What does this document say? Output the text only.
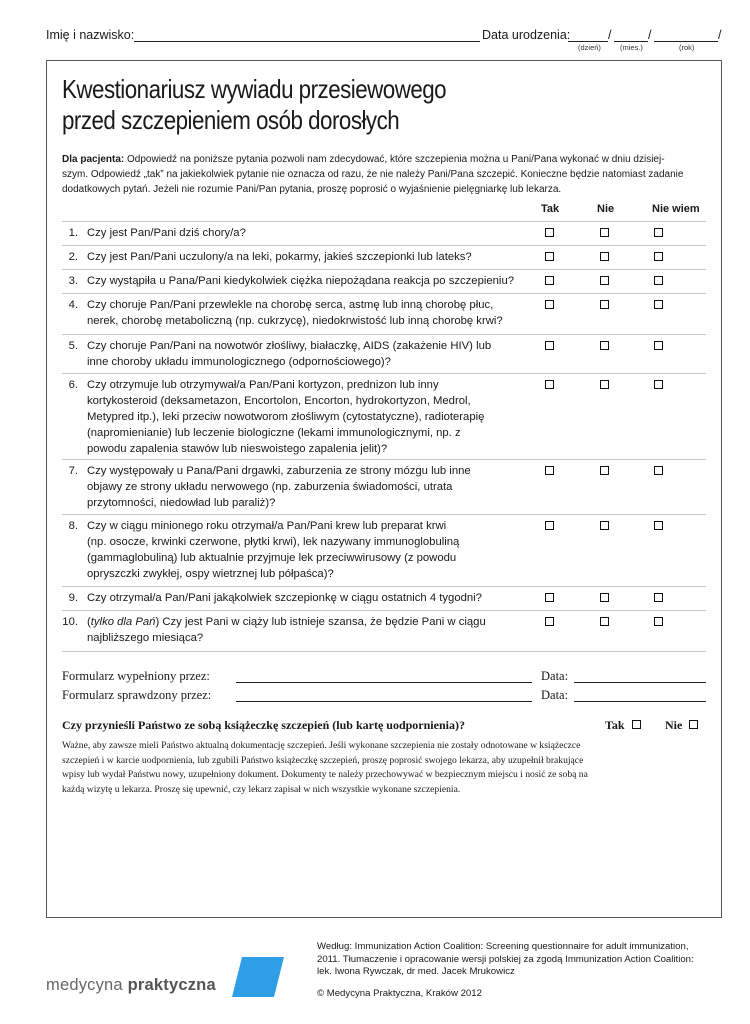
Imię i nazwisko:	Data urodzenia:	/	/	/
(dzień)	(mies.)	(rok)
Kwestionariusz wywiadu przesiewowego
przed szczepieniem osób dorosłych
Dla pacjenta: Odpowiedź na poniższe pytania pozwoli nam zdecydować, które szczepienia można u Pani/Pana wykonać w dniu dzisiej-
szym. Odpowiedź „tak” na jakiekolwiek pytanie nie oznacza od razu, że nie należy Pani/Pana szczepić. Konieczne będzie natomiast zadanie
dodatkowych pytań. Jeżeli nie rozumie Pani/Pan pytania, proszę poprosić o wyjaśnienie pielęgniarkę lub lekarza.
Tak	Nie	Nie wiem
1. Czy jest Pan/Pani dziś chory/a?
2. Czy jest Pan/Pani uczulony/a na leki, pokarmy, jakieś szczepionki lub lateks?
3. Czy wystąpiła u Pana/Pani kiedykolwiek ciężka niepożądana reakcja po szczepieniu?
4. Czy choruje Pan/Pani przewlekle na chorobę serca, astmę lub inną chorobę płuc,
nerek, chorobę metaboliczną (np. cukrzycę), niedokrwistość lub inną chorobę krwi?
5. Czy choruje Pan/Pani na nowotwór złośliwy, białaczkę, AIDS (zakażenie HIV) lub
inne choroby układu immunologicznego (odpornościowego)?
6. Czy otrzymuje lub otrzymywał/a Pan/Pani kortyzon, prednizon lub inny
kortykosteroid (deksametazon, Encortolon, Encorton, hydrokortyzon, Medrol,
Metypred itp.), leki przeciw nowotworom złośliwym (cytostatyczne), radioterapię
(napromienianie) lub leczenie biologiczne (lekami immunologicznymi, np. z
powodu zapalenia stawów lub nieswoistego zapalenia jelit)?
7. Czy występowały u Pana/Pani drgawki, zaburzenia ze strony mózgu lub inne
objawy ze strony układu nerwowego (np. zaburzenia świadomości, utrata
przytomności, niedowład lub paraliż)?
8. Czy w ciągu minionego roku otrzymał/a Pan/Pani krew lub preparat krwi
(np. osocze, krwinki czerwone, płytki krwi), lek nazywany immunoglobuliną
(gammaglobuliną) lub aktualnie przyjmuje lek przeciwwirusowy (z powodu
opryszczki zwykłej, ospy wietrznej lub półpaśca)?
9. Czy otrzymał/a Pan/Pani jakąkolwiek szczepionkę w ciągu ostatnich 4 tygodni?
10. (tylko dla Pań) Czy jest Pani w ciąży lub istnieje szansa, że będzie Pani w ciągu
najbliższego miesiąca?
Formularz wypełniony przez:	Data:
Formularz sprawdzony przez:	Data:
Czy przynieśli Państwo ze sobą książeczkę szczepień (lub kartę uodpornienia)?	Tak	Nie
Ważne, aby zawsze mieli Państwo aktualną dokumentację szczepień. Jeśli wykonane szczepienia nie zostały odnotowane w książeczce
szczepień i w karcie uodpornienia, lub zgubili Państwo książeczkę szczepień, proszę poprosić swojego lekarza, aby uzupełnił brakujące
wpisy lub wydał Państwu nowy, uzupełniony dokument. Dokumenty te należy przechowywać w bezpiecznym miejscu i nosić ze sobą na
każdą wizytę u lekarza. Proszę się upewnić, czy lekarz zapisał w nich wszystkie wykonane szczepienia.
medycyna praktyczna
Według: Immunization Action Coalition: Screening questionnaire for adult immunization,
2011. Tłumaczenie i opracowanie wersji polskiej za zgodą Immunization Action Coalition:
lek. Iwona Rywczak, dr med. Jacek Mrukowicz
© Medycyna Praktyczna, Kraków 2012
